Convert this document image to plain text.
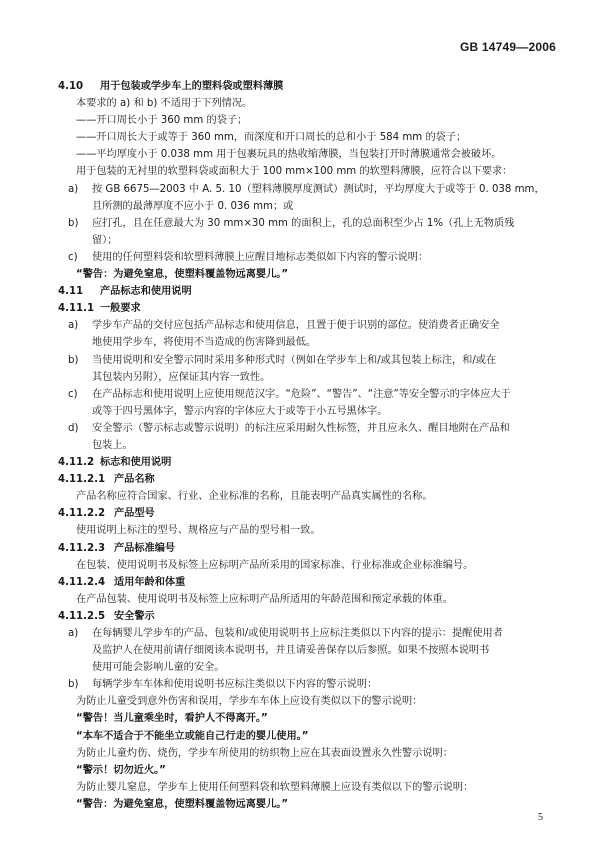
GB 14749—2006
4.10 用于包装或学步车上的塑料袋或塑料薄膜
本要求的 a) 和 b) 不适用于下列情况。
——开口周长小于 360 mm 的袋子；
——开口周长大于或等于 360 mm，而深度和开口周长的总和小于 584 mm 的袋子；
——平均厚度小于 0.038 mm 用于包裹玩具的热收缩薄膜，当包装打开时薄膜通常会被破坏。
用于包装的无衬里的软塑料袋或面积大于 100 mm×100 mm 的软塑料薄膜，应符合以下要求：
a) 按 GB 6675—2003 中 A. 5. 10（塑料薄膜厚度测试）测试时，平均厚度大于或等于 0. 038 mm，
且所测的最薄厚度不应小于 0. 036 mm；或
b) 应打孔，且在任意最大为 30 mm×30 mm 的面积上，孔的总面积至少占 1%（孔上无物质残
留）；
c) 使用的任何塑料袋和软塑料薄膜上应醒目地标志类似如下内容的警示说明：
“警告：为避免窒息，使塑料覆盖物远离婴儿。”
4.11 产品标志和使用说明
4.11.1 一般要求
a) 学步车产品的交付应包括产品标志和使用信息，且置于便于识别的部位。使消费者正确安全
地使用学步车，将使用不当造成的伤害降到最低。
b) 当使用说明和安全警示同时采用多种形式时（例如在学步车上和/或其包装上标注，和/或在
其包装内另附），应保证其内容一致性。
c) 在产品标志和使用说明上应使用规范汉字。“危险”、“警告”、“注意”等安全警示的字体应大于
或等于四号黑体字，警示内容的字体应大于或等于小五号黑体字。
d) 安全警示（警示标志或警示说明）的标注应采用耐久性标签，并且应永久、醒目地附在产品和
包装上。
4.11.2 标志和使用说明
4.11.2.1 产品名称
产品名称应符合国家、行业、企业标准的名称，且能表明产品真实属性的名称。
4.11.2.2 产品型号
使用说明上标注的型号、规格应与产品的型号相一致。
4.11.2.3 产品标准编号
在包装、使用说明书及标签上应标明产品所采用的国家标准、行业标准或企业标准编号。
4.11.2.4 适用年龄和体重
在产品包装、使用说明书及标签上应标明产品所适用的年龄范围和预定承载的体重。
4.11.2.5 安全警示
a) 在每辆婴儿学步车的产品、包装和/或使用说明书上应标注类似以下内容的提示：提醒使用者
及监护人在使用前请仔细阅读本说明书，并且请妥善保存以后参照。如果不按照本说明书
使用可能会影响儿童的安全。
b) 每辆学步车车体和使用说明书应标注类似以下内容的警示说明：
为防止儿童受到意外伤害和误用，学步车车体上应设有类似以下的警示说明：
“警告！当儿童乘坐时，看护人不得离开。”
“本车不适合于不能坐立或能自己行走的婴儿使用。”
为防止儿童灼伤、烧伤，学步车所使用的纺织物上应在其表面设置永久性警示说明：
“警示！切勿近火。”
为防止婴儿窒息，学步车上使用任何塑料袋和软塑料薄膜上应设有类似以下的警示说明：
“警告：为避免窒息，使塑料覆盖物远离婴儿。”
5
